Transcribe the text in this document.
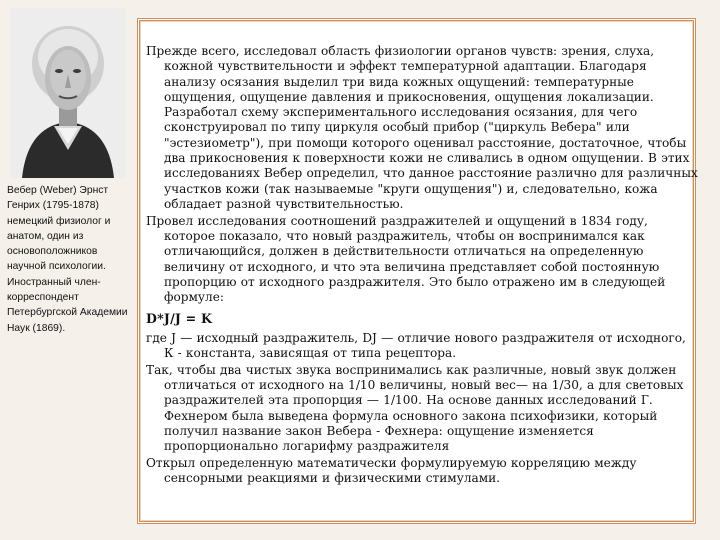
Вебер (Weber) Эрнст Генрих (1795-1878) немецкий физиолог и анатом, один из основоположников научной психологии. Иностранный член-корреспондент Петербургской Академии Наук (1869).

Прежде всего, исследовал область физиологии органов чувств: зрения, слуха, кожной чувствительности и эффект температурной адаптации. Благодаря анализу осязания выделил три вида кожных ощущений: температурные ощущения, ощущение давления и прикосновения, ощущения локализации. Разработал схему экспериментального исследования осязания, для чего сконструировал по типу циркуля особый прибор ("циркуль Вебера" или "эстезиометр"), при помощи которого оценивал расстояние, достаточное, чтобы два прикосновения к поверхности кожи не сливались в одном ощущении. В этих исследованиях Вебер определил, что данное расстояние различно для различных участков кожи (так называемые "круги ощущения") и, следовательно, кожа обладает разной чувствительностью.

Провел исследования соотношений раздражителей и ощущений в 1834 году, которое показало, что новый раздражитель, чтобы он воспринимался как отличающийся, должен в действительности отличаться на определенную величину от исходного, и что эта величина представляет собой постоянную пропорцию от исходного раздражителя. Это было отражено им в следующей формуле:

D*J/J = K

где J — исходный раздражитель, DJ — отличие нового раздражителя от исходного, К - константа, зависящая от типа рецептора.

Так, чтобы два чистых звука воспринимались как различные, новый звук должен отличаться от исходного на 1/10 величины, новый вес— на 1/30, а для световых раздражителей эта пропорция — 1/100. На основе данных исследований Г. Фехнером была выведена формула основного закона психофизики, который получил название закон Вебера - Фехнера: ощущение изменяется пропорционально логарифму раздражителя

Открыл определенную математически формулируемую корреляцию между сенсорными реакциями и физическими стимулами.
